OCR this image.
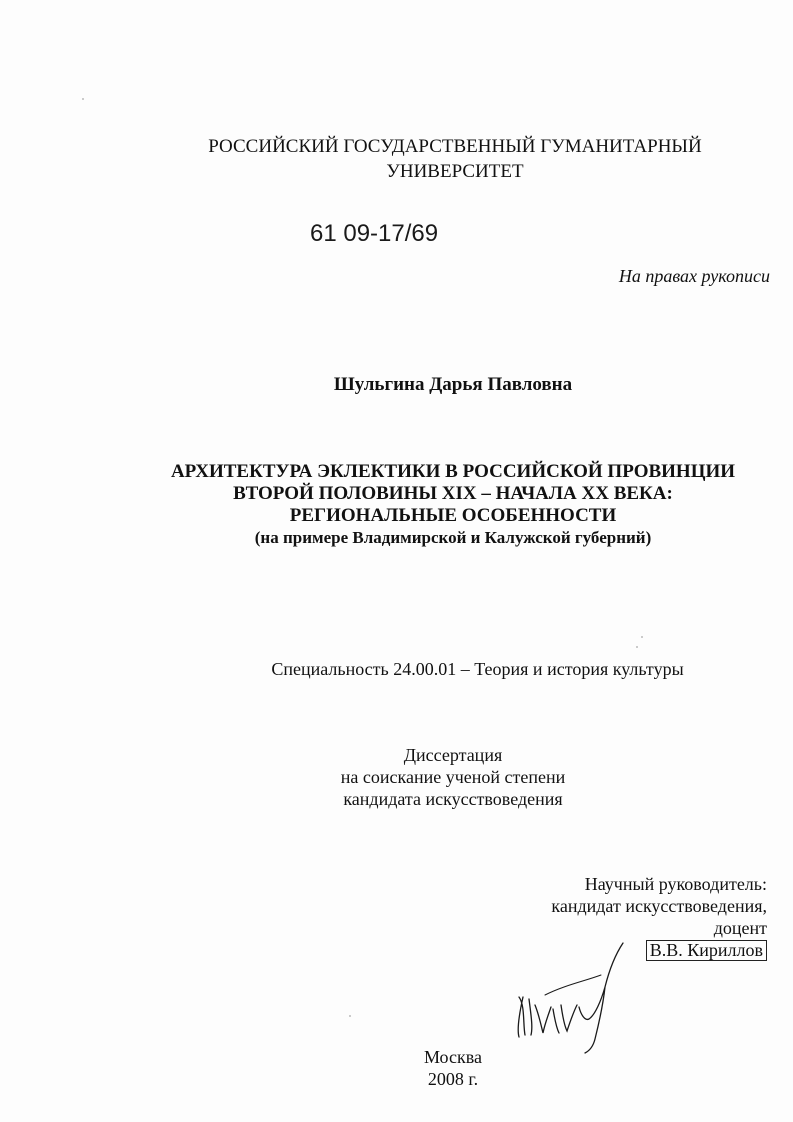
РОССИЙСКИЙ ГОСУДАРСТВЕННЫЙ ГУМАНИТАРНЫЙ
УНИВЕРСИТЕТ
61 09-17/69
На правах рукописи
Шульгина Дарья Павловна
АРХИТЕКТУРА ЭКЛЕКТИКИ В РОССИЙСКОЙ ПРОВИНЦИИ
ВТОРОЙ ПОЛОВИНЫ XIX – НАЧАЛА XX ВЕКА:
РЕГИОНАЛЬНЫЕ ОСОБЕННОСТИ
(на примере Владимирской и Калужской губерний)
Специальность 24.00.01 – Теория и история культуры
Диссертация
на соискание ученой степени
кандидата искусствоведения
Научный руководитель:
кандидат искусствоведения,
доцент
В.В. Кириллов
Москва
2008 г.
